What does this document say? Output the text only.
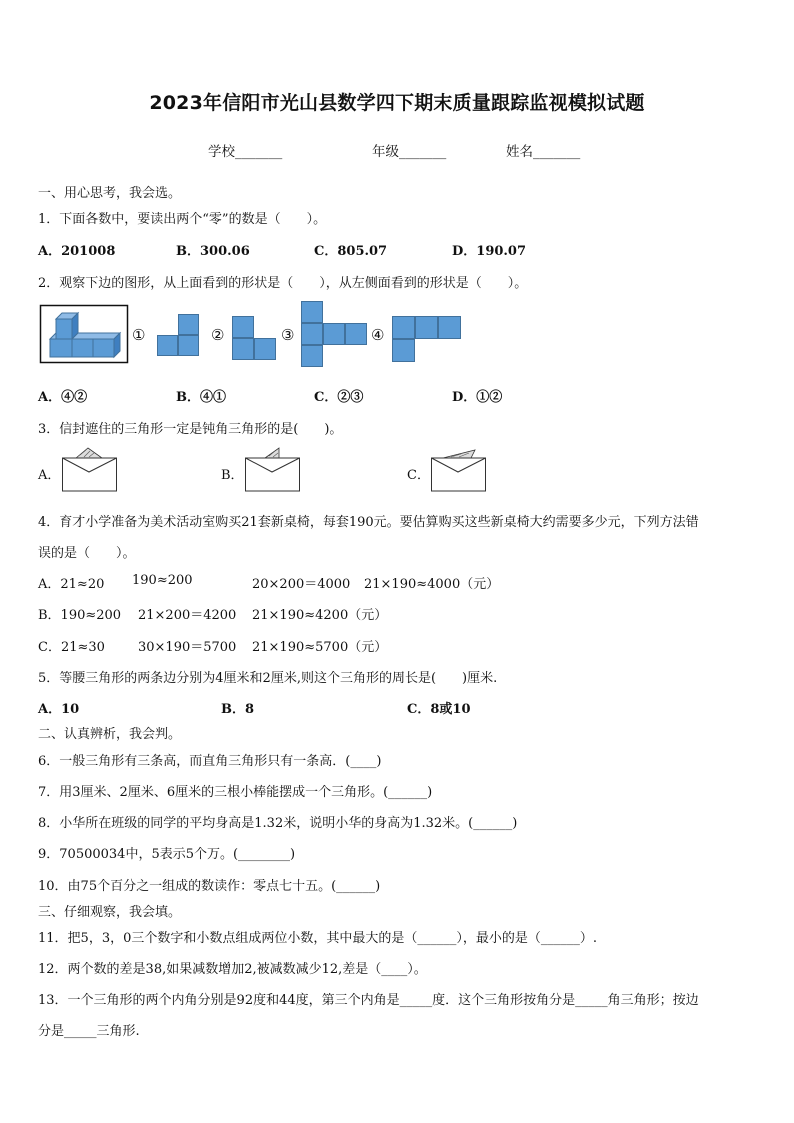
2023年信阳市光山县数学四下期末质量跟踪监视模拟试题
学校_______	年级_______	姓名_______
一、用心思考，我会选。
1．下面各数中，要读出两个“零”的数是（　　）。
A．201008	B．300.06	C．805.07	D．190.07
2．观察下边的图形，从上面看到的形状是（　　），从左侧面看到的形状是（　　）。
①	②	③	④
A．④②	B．④①	C．②③	D．①②
3．信封遮住的三角形一定是钝角三角形的是(　　)。
A．	B．	C．
4．育才小学准备为美术活动室购买21套新桌椅，每套190元。要估算购买这些新桌椅大约需要多少元，下列方法错
误的是（　　）。
A．21≈20 190≈200	20×200＝4000 21×190≈4000（元）
B．190≈200 21×200＝4200 21×190≈4200（元）
C．21≈30	30×190＝5700 21×190≈5700（元）
5．等腰三角形的两条边分别为4厘米和2厘米,则这个三角形的周长是(　　)厘米.
A．10	B．8	C．8或10
二、认真辨析，我会判。
6．一般三角形有三条高，而直角三角形只有一条高．(____)
7．用3厘米、2厘米、6厘米的三根小棒能摆成一个三角形。(______)
8．小华所在班级的同学的平均身高是1.32米，说明小华的身高为1.32米。(______)
9．70500034中，5表示5个万。(________)
10．由75个百分之一组成的数读作：零点七十五。(______)
三、仔细观察，我会填。
11．把5，3，0三个数字和小数点组成两位小数，其中最大的是（______），最小的是（______）.
12．两个数的差是38,如果减数增加2,被减数减少12,差是（____）。
13．一个三角形的两个内角分别是92度和44度，第三个内角是_____度．这个三角形按角分是_____角三角形；按边
分是_____三角形.
